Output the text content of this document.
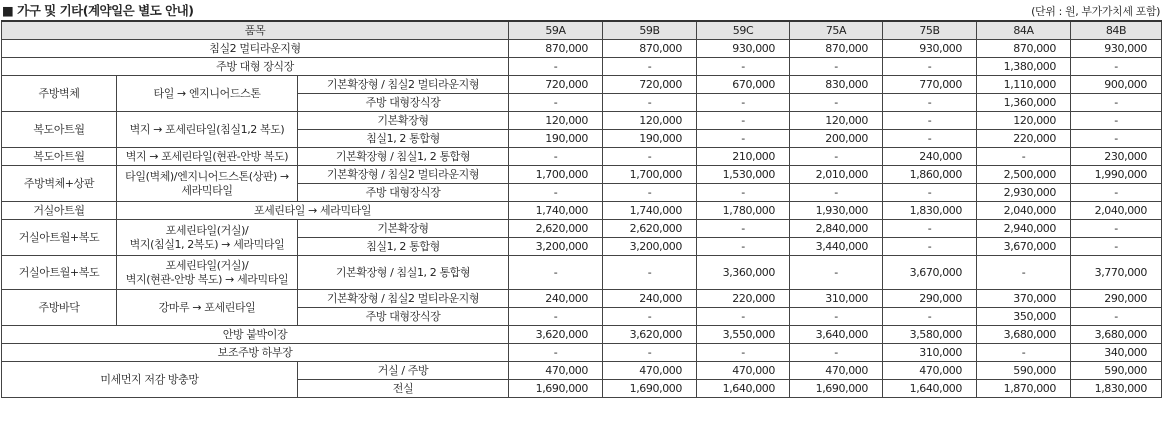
■ 가구 및 기타(계약일은 별도 안내)	(단위 : 원, 부가가치세 포함)
품목			59A	59B	59C	75A	75B	84A	84B
침실2 멀티라운지형			870,000	870,000	930,000	870,000	930,000	870,000	930,000
주방 대형 장식장			-	-	-	-	-	1,380,000	-
주방벽체	타일 → 엔지니어드스톤	기본확장형 / 침실2 멀티라운지형	720,000	720,000	670,000	830,000	770,000	1,110,000	900,000
		주방 대형장식장	-	-	-	-	-	1,360,000	-
복도아트월	벽지 → 포세린타일(침실1,2 복도)	기본확장형	120,000	120,000	-	120,000	-	120,000	-
		침실1, 2 통합형	190,000	190,000	-	200,000	-	220,000	-
복도아트월	벽지 → 포세린타일(현관-안방 복도)	기본확장형 / 침실1, 2 통합형	-	-	210,000	-	240,000	-	230,000
주방벽체+상판	타일(벽체)/엔지니어드스톤(상판) →
세라믹타일	기본확장형 / 침실2 멀티라운지형	1,700,000	1,700,000	1,530,000	2,010,000	1,860,000	2,500,000	1,990,000
		주방 대형장식장	-	-	-	-	-	2,930,000	-
거실아트월	포세린타일 → 세라믹타일		1,740,000	1,740,000	1,780,000	1,930,000	1,830,000	2,040,000	2,040,000
거실아트월+복도	포세린타일(거실)/
벽지(침실1, 2복도) → 세라믹타일	기본확장형	2,620,000	2,620,000	-	2,840,000	-	2,940,000	-
		침실1, 2 통합형	3,200,000	3,200,000	-	3,440,000	-	3,670,000	-
거실아트월+복도	포세린타일(거실)/
벽지(현관-안방 복도) → 세라믹타일	기본확장형 / 침실1, 2 통합형	-	-	3,360,000	-	3,670,000	-	3,770,000
주방바닥	강마루 → 포세린타일	기본확장형 / 침실2 멀티라운지형	240,000	240,000	220,000	310,000	290,000	370,000	290,000
		주방 대형장식장	-	-	-	-	-	350,000	-
안방 붙박이장			3,620,000	3,620,000	3,550,000	3,640,000	3,580,000	3,680,000	3,680,000
보조주방 하부장			-	-	-	-	310,000	-	340,000
미세먼지 저감 방충망		거실 / 주방	470,000	470,000	470,000	470,000	470,000	590,000	590,000
		전실	1,690,000	1,690,000	1,640,000	1,690,000	1,640,000	1,870,000	1,830,000
